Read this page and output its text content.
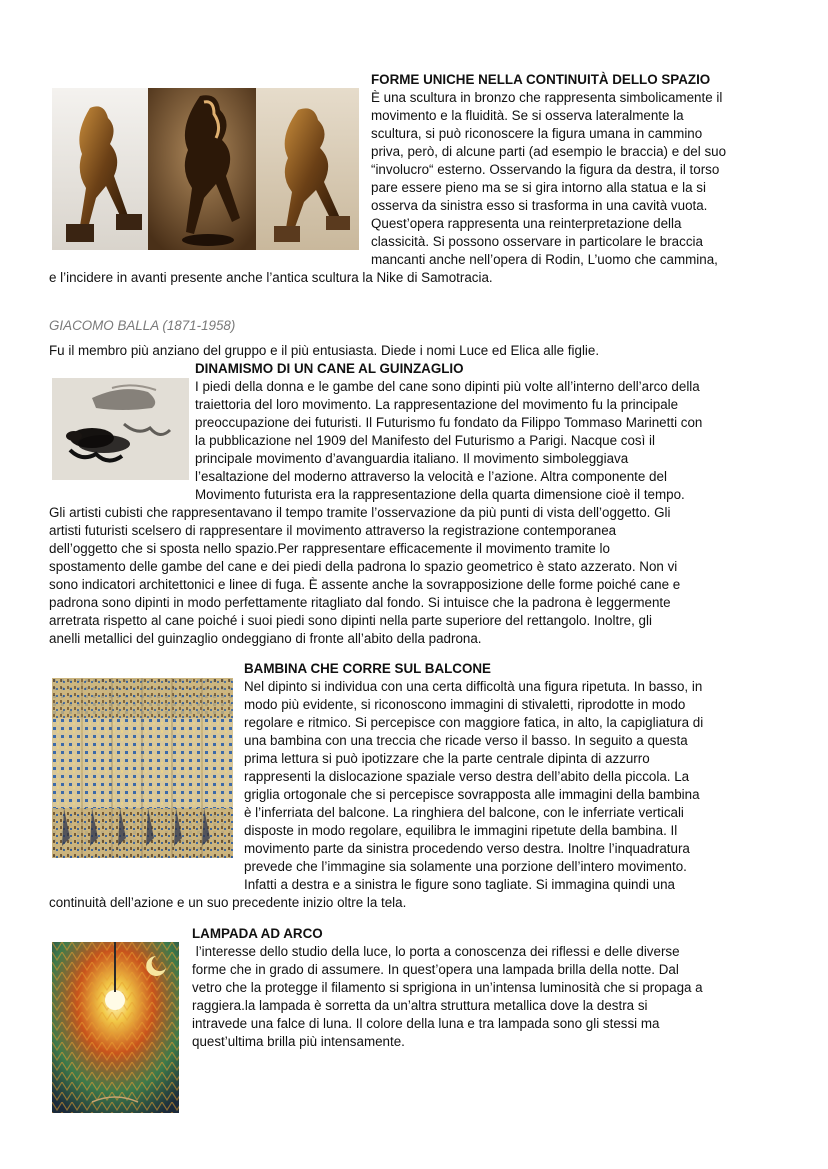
FORME UNICHE NELLA CONTINUITÀ DELLO SPAZIO
È una scultura in bronzo che rappresenta simbolicamente il
movimento e la fluidità. Se si osserva lateralmente la
scultura, si può riconoscere la figura umana in cammino
priva, però, di alcune parti (ad esempio le braccia) e del suo
“involucro“ esterno. Osservando la figura da destra, il torso
pare essere pieno ma se si gira intorno alla statua e la si
osserva da sinistra esso si trasforma in una cavità vuota.
Quest’opera rappresenta una reinterpretazione della
classicità. Si possono osservare in particolare le braccia
mancanti anche nell’opera di Rodin, L’uomo che cammina,
e l’incidere in avanti presente anche l’antica scultura la Nike di Samotracia.
GIACOMO BALLA (1871-1958)
Fu il membro più anziano del gruppo e il più entusiasta. Diede i nomi Luce ed Elica alle figlie.
DINAMISMO DI UN CANE AL GUINZAGLIO
I piedi della donna e le gambe del cane sono dipinti più volte all’interno dell’arco della
traiettoria del loro movimento. La rappresentazione del movimento fu la principale
preoccupazione dei futuristi. Il Futurismo fu fondato da Filippo Tommaso Marinetti con
la pubblicazione nel 1909 del Manifesto del Futurismo a Parigi. Nacque così il
principale movimento d’avanguardia italiano. Il movimento simboleggiava
l’esaltazione del moderno attraverso la velocità e l’azione. Altra componente del
Movimento futurista era la rappresentazione della quarta dimensione cioè il tempo.
Gli artisti cubisti che rappresentavano il tempo tramite l’osservazione da più punti di vista dell’oggetto. Gli
artisti futuristi scelsero di rappresentare il movimento attraverso la registrazione contemporanea
dell’oggetto che si sposta nello spazio.Per rappresentare efficacemente il movimento tramite lo
spostamento delle gambe del cane e dei piedi della padrona lo spazio geometrico è stato azzerato. Non vi
sono indicatori architettonici e linee di fuga. È assente anche la sovrapposizione delle forme poiché cane e
padrona sono dipinti in modo perfettamente ritagliato dal fondo. Si intuisce che la padrona è leggermente
arretrata rispetto al cane poiché i suoi piedi sono dipinti nella parte superiore del rettangolo. Inoltre, gli
anelli metallici del guinzaglio ondeggiano di fronte all’abito della padrona.
BAMBINA CHE CORRE SUL BALCONE
Nel dipinto si individua con una certa difficoltà una figura ripetuta. In basso, in
modo più evidente, si riconoscono immagini di stivaletti, riprodotte in modo
regolare e ritmico. Si percepisce con maggiore fatica, in alto, la capigliatura di
una bambina con una treccia che ricade verso il basso. In seguito a questa
prima lettura si può ipotizzare che la parte centrale dipinta di azzurro
rappresenti la dislocazione spaziale verso destra dell’abito della piccola. La
griglia ortogonale che si percepisce sovrapposta alle immagini della bambina
è l’inferriata del balcone. La ringhiera del balcone, con le inferriate verticali
disposte in modo regolare, equilibra le immagini ripetute della bambina. Il
movimento parte da sinistra procedendo verso destra. Inoltre l’inquadratura
prevede che l’immagine sia solamente una porzione dell’intero movimento.
Infatti a destra e a sinistra le figure sono tagliate. Si immagina quindi una
continuità dell’azione e un suo precedente inizio oltre la tela.
LAMPADA AD ARCO
l’interesse dello studio della luce, lo porta a conoscenza dei riflessi e delle diverse
forme che in grado di assumere. In quest’opera una lampada brilla della notte. Dal
vetro che la protegge il filamento si sprigiona in un’intensa luminosità che si propaga a
raggiera.la lampada è sorretta da un’altra struttura metallica dove la destra si
intravede una falce di luna. Il colore della luna e tra lampada sono gli stessi ma
quest’ultima brilla più intensamente.
